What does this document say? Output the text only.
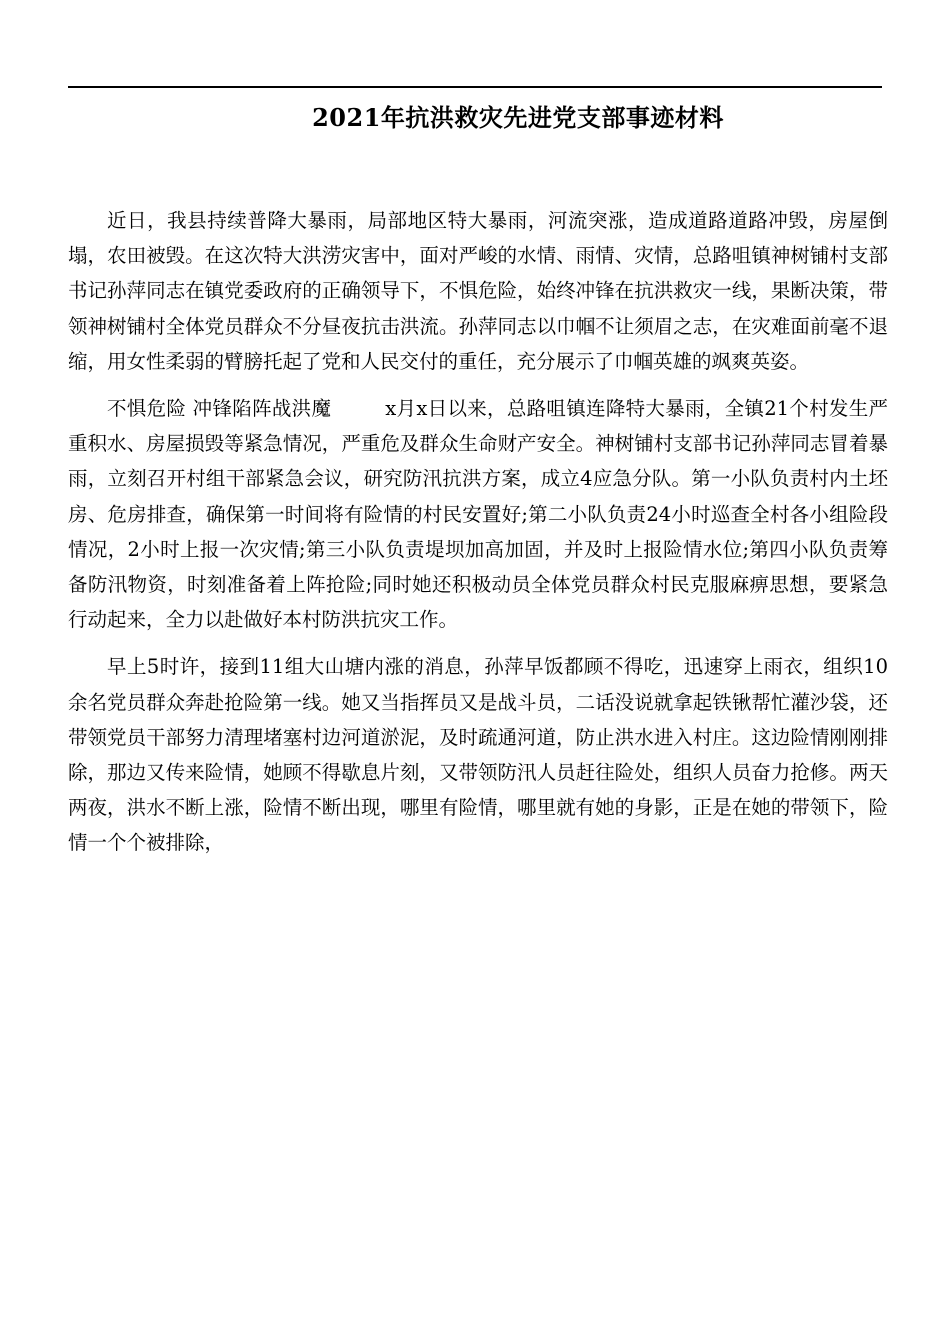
2021年抗洪救灾先进党支部事迹材料

近日，我县持续普降大暴雨，局部地区特大暴雨，河流突涨，造成道路道路冲毁，房屋倒塌，农田被毁。在这次特大洪涝灾害中，面对严峻的水情、雨情、灾情，总路咀镇神树铺村支部书记孙萍同志在镇党委政府的正确领导下，不惧危险，始终冲锋在抗洪救灾一线，果断决策，带领神树铺村全体党员群众不分昼夜抗击洪流。孙萍同志以巾帼不让须眉之志，在灾难面前毫不退缩，用女性柔弱的臂膀托起了党和人民交付的重任，充分展示了巾帼英雄的飒爽英姿。

不惧危险 冲锋陷阵战洪魔	x月x日以来，总路咀镇连降特大暴雨，全镇21个村发生严重积水、房屋损毁等紧急情况，严重危及群众生命财产安全。神树铺村支部书记孙萍同志冒着暴雨，立刻召开村组干部紧急会议，研究防汛抗洪方案，成立4应急分队。第一小队负责村内土坯房、危房排查，确保第一时间将有险情的村民安置好;第二小队负责24小时巡查全村各小组险段情况，2小时上报一次灾情;第三小队负责堤坝加高加固，并及时上报险情水位;第四小队负责筹备防汛物资，时刻准备着上阵抢险;同时她还积极动员全体党员群众村民克服麻痹思想，要紧急行动起来，全力以赴做好本村防洪抗灾工作。

早上5时许，接到11组大山塘内涨的消息，孙萍早饭都顾不得吃，迅速穿上雨衣，组织10余名党员群众奔赴抢险第一线。她又当指挥员又是战斗员，二话没说就拿起铁锹帮忙灌沙袋，还带领党员干部努力清理堵塞村边河道淤泥，及时疏通河道，防止洪水进入村庄。这边险情刚刚排除，那边又传来险情，她顾不得歇息片刻，又带领防汛人员赶往险处，组织人员奋力抢修。两天两夜，洪水不断上涨，险情不断出现，哪里有险情，哪里就有她的身影，正是在她的带领下，险情一个个被排除，
